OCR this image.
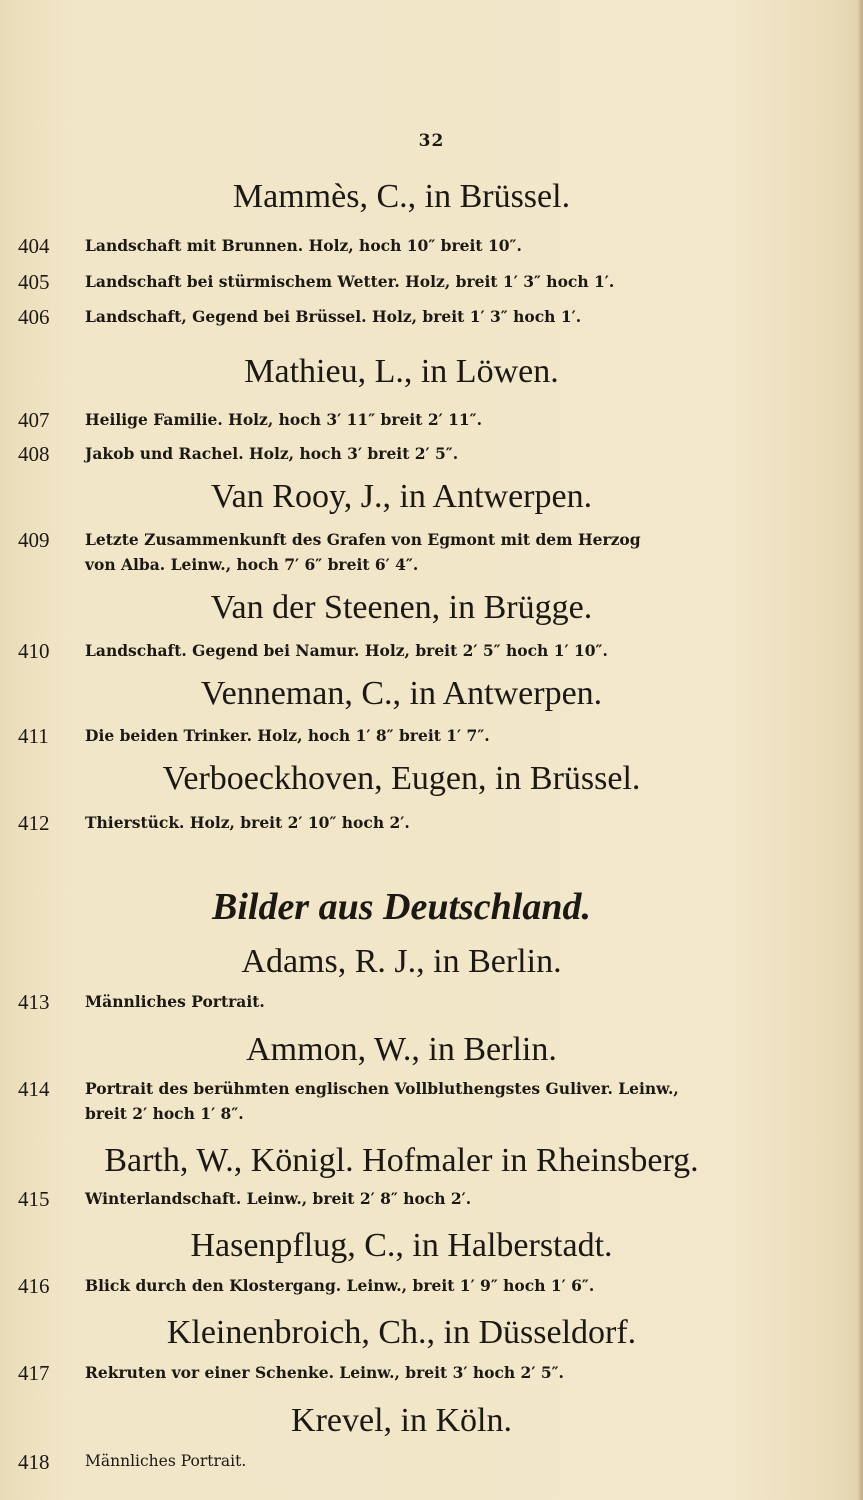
32
Mammès, C., in Brüssel.
404 Landschaft mit Brunnen. Holz, hoch 10″ breit 10″.
405 Landschaft bei stürmischem Wetter. Holz, breit 1′ 3″ hoch 1′.
406 Landschaft, Gegend bei Brüssel. Holz, breit 1′ 3″ hoch 1′.
Mathieu, L., in Löwen.
407 Heilige Familie. Holz, hoch 3′ 11″ breit 2′ 11″.
408 Jakob und Rachel. Holz, hoch 3′ breit 2′ 5″.
Van Rooy, J., in Antwerpen.
409 Letzte Zusammenkunft des Grafen von Egmont mit dem Herzog
von Alba. Leinw., hoch 7′ 6″ breit 6′ 4″.
Van der Steenen, in Brügge.
410 Landschaft. Gegend bei Namur. Holz, breit 2′ 5″ hoch 1′ 10″.
Venneman, C., in Antwerpen.
411 Die beiden Trinker. Holz, hoch 1′ 8″ breit 1′ 7″.
Verboeckhoven, Eugen, in Brüssel.
412 Thierstück. Holz, breit 2′ 10″ hoch 2′.
Bilder aus Deutschland.
Adams, R. J., in Berlin.
413 Männliches Portrait.
Ammon, W., in Berlin.
414 Portrait des berühmten englischen Vollbluthengstes Guliver. Leinw.,
breit 2′ hoch 1′ 8″.
Barth, W., Königl. Hofmaler in Rheinsberg.
415 Winterlandschaft. Leinw., breit 2′ 8″ hoch 2′.
Hasenpflug, C., in Halberstadt.
416 Blick durch den Klostergang. Leinw., breit 1′ 9″ hoch 1′ 6″.
Kleinenbroich, Ch., in Düsseldorf.
417 Rekruten vor einer Schenke. Leinw., breit 3′ hoch 2′ 5″.
Krevel, in Köln.
418 Männliches Portrait.
